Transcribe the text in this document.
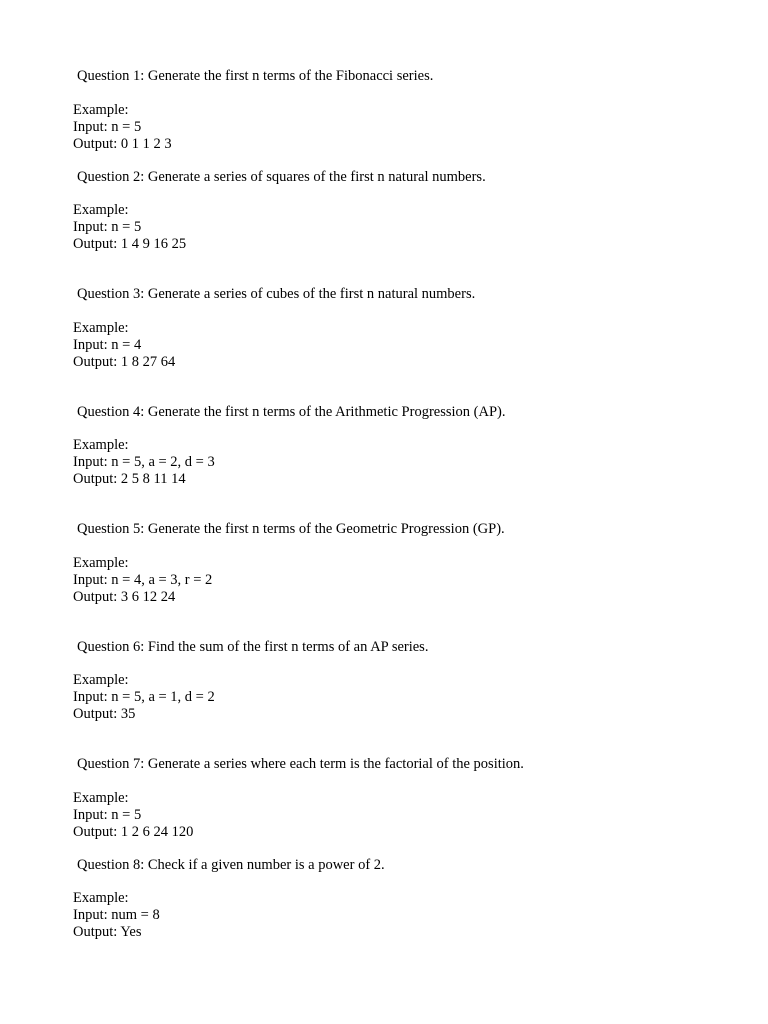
Question 1: Generate the first n terms of the Fibonacci series.
Example:
Input: n = 5
Output: 0 1 1 2 3
Question 2: Generate a series of squares of the first n natural numbers.
Example:
Input: n = 5
Output: 1 4 9 16 25
Question 3: Generate a series of cubes of the first n natural numbers.
Example:
Input: n = 4
Output: 1 8 27 64
Question 4: Generate the first n terms of the Arithmetic Progression (AP).
Example:
Input: n = 5, a = 2, d = 3
Output: 2 5 8 11 14
Question 5: Generate the first n terms of the Geometric Progression (GP).
Example:
Input: n = 4, a = 3, r = 2
Output: 3 6 12 24
Question 6: Find the sum of the first n terms of an AP series.
Example:
Input: n = 5, a = 1, d = 2
Output: 35
Question 7: Generate a series where each term is the factorial of the position.
Example:
Input: n = 5
Output: 1 2 6 24 120
Question 8: Check if a given number is a power of 2.
Example:
Input: num = 8
Output: Yes
